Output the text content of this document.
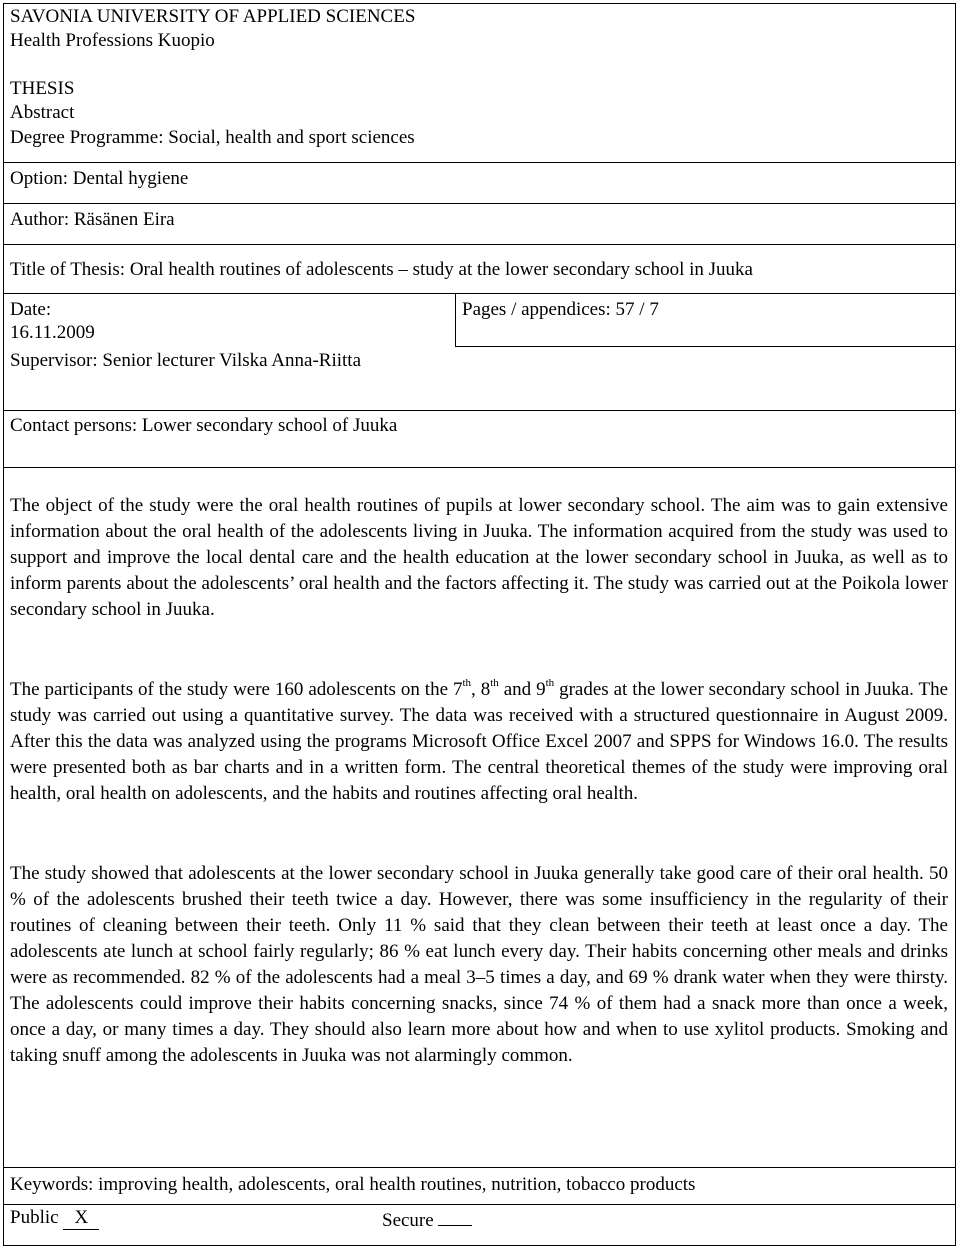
SAVONIA UNIVERSITY OF APPLIED SCIENCES
Health Professions Kuopio
THESIS
Abstract
Degree Programme: Social, health and sport sciences
Option: Dental hygiene
Author: Räsänen Eira
Title of Thesis: Oral health routines of adolescents – study at the lower secondary school in Juuka
Date:
16.11.2009
Pages / appendices: 57 / 7
Supervisor: Senior lecturer Vilska Anna-Riitta
Contact persons: Lower secondary school of Juuka
The object of the study were the oral health routines of pupils at lower secondary school. The aim was to gain extensive information about the oral health of the adolescents living in Juuka. The information acquired from the study was used to support and improve the local dental care and the health education at the lower secondary school in Juuka, as well as to inform parents about the adolescents’ oral health and the factors affecting it. The study was carried out at the Poikola lower secondary school in Juuka.
The participants of the study were 160 adolescents on the 7th, 8th and 9th grades at the lower secondary school in Juuka. The study was carried out using a quantitative survey. The data was received with a structured questionnaire in August 2009. After this the data was analyzed using the programs Microsoft Office Excel 2007 and SPPS for Windows 16.0. The results were presented both as bar charts and in a written form. The central theoretical themes of the study were improving oral health, oral health on adolescents, and the habits and routines affecting oral health.
The study showed that adolescents at the lower secondary school in Juuka generally take good care of their oral health. 50 % of the adolescents brushed their teeth twice a day. However, there was some insufficiency in the regularity of their routines of cleaning between their teeth. Only 11 % said that they clean between their teeth at least once a day. The adolescents ate lunch at school fairly regularly; 86 % eat lunch every day. Their habits concerning other meals and drinks were as recommended. 82 % of the adolescents had a meal 3–5 times a day, and 69 % drank water when they were thirsty. The adolescents could improve their habits concerning snacks, since 74 % of them had a snack more than once a week, once a day, or many times a day. They should also learn more about how and when to use xylitol products. Smoking and taking snuff among the adolescents in Juuka was not alarmingly common.
Keywords: improving health, adolescents, oral health routines, nutrition, tobacco products
Public X	Secure
